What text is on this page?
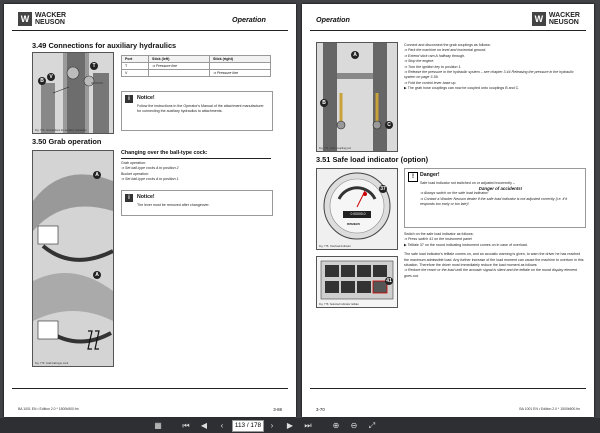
W WACKER
NEUSON	Operation
3.49 Connections for auxiliary hydraulics
B
T
V
Fig. 772: Connections for auxiliary hydraulics
Port	Stick (left)	Stick (right)
T	⇒ Pressure line	
V		⇒ Pressure line
i	Notice!
Follow the instructions in the Operator's Manual of the attachment manufacturer for connecting the auxiliary hydraulics to attachments.
3.50 Grab operation
A
A
Fig. 773: Grab ball-type cock
Changing over the ball-type cock:
Grab operation:
⇒ Set ball-type cocks A to position 2
Bucket operation:
⇒ Set ball-type cocks A to position 1
i	Notice!
The lever must be removed after changeover.
BA 1001 EN • Edition 2.0 * 1500b500.fm	3-69
Operation	W WACKER
NEUSON
A
B
C
Fig. 774: Grab coupling port
Connect and disconnect the grab couplings as follows:
⇒ Park the machine on level and horizontal ground.
⇒ Extend stick ram A halfway through.
⇒ Stop the engine.
⇒ Turn the ignition key to position 1.
⇒ Release the pressure in the hydraulic system – see chapter 3.44 Releasing the pressure in the hydraulic system on page 3-59.
⇒ Fold the control lever base up.
▶ The grab hose couplings can now be coupled onto couplings B and C.
3.51 Safe load indicator (option)
0 00000.0
neuson
37
Fig. 775: Overload indicator
!	Danger!
Safe load indicator not switched on or adjusted incorrectly –
Danger of accidents!
⇒ Always switch on the safe load indicator!
⇒ Contact a Wacker Neuson dealer if the safe load indicator is not adjusted correctly (i.e. if it responds too early or too late)!
Switch on the safe load indicator as follows:
⇒ Press switch 41 on the instrument panel
▶ Telltale 37 on the round indicating instrument comes on in case of overload.
The safe load indicator's telltale comes on, and an acoustic warning is given, to warn the driver he has reached the maximum admissible load. Any further increase of the load moment can cause the machine to overturn in this situation. Therefore the driver must immediately reduce the load moment as follows:
⇒ Reduce the reach or the load until the acoustic signal is silent and the telltale on the round display element goes out.
41
Fig. 776: Selected indicator telltale
3-70	BA 1001 EN • Edition 2.0 * 1500b500.fm
▦	⏮	◀	‹	113 / 178	›	▶	⏭	⊕	⊖	⤢
